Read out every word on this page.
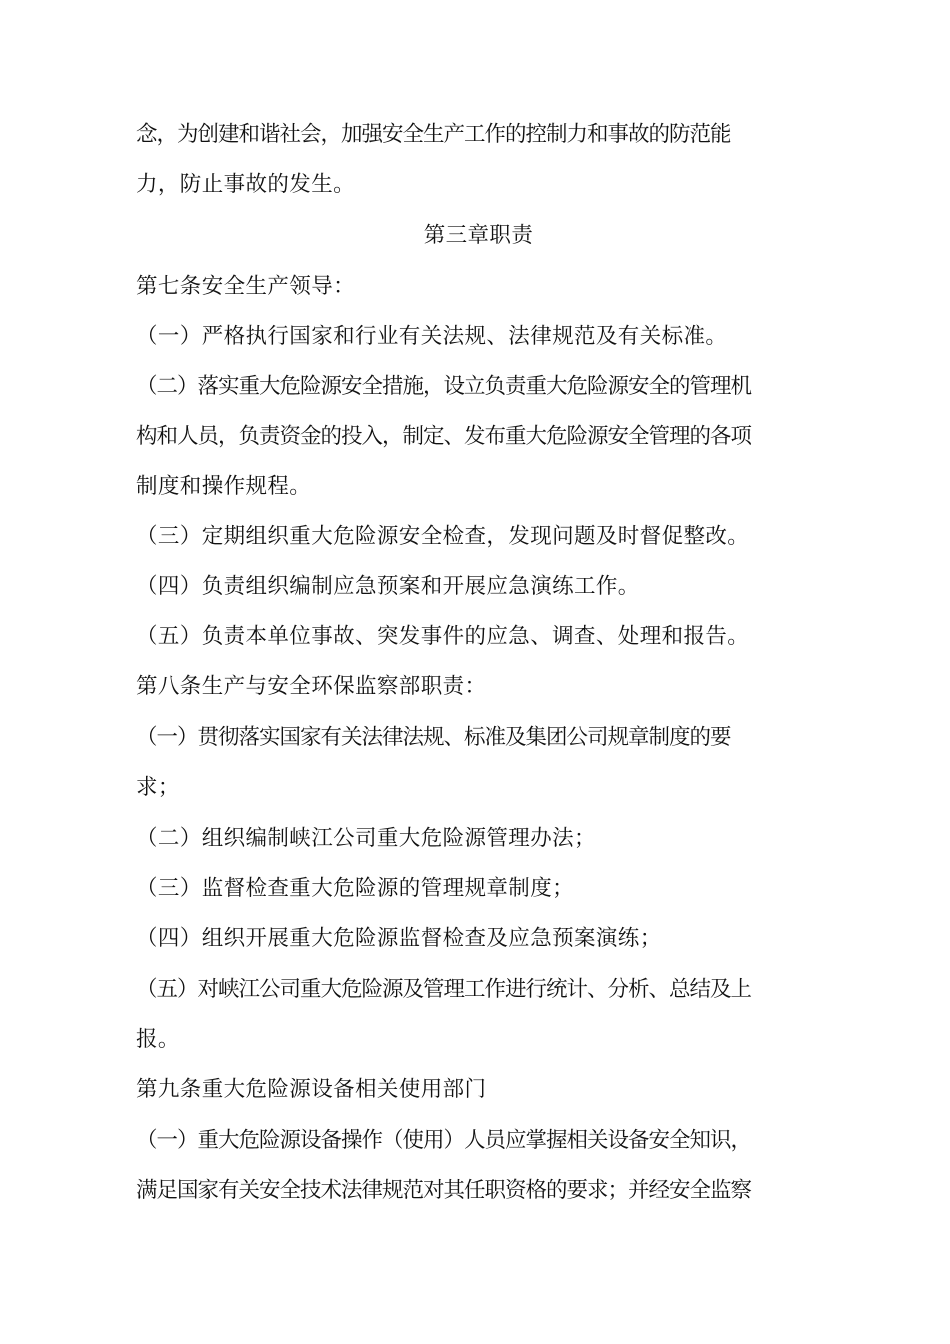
念，为创建和谐社会，加强安全生产工作的控制力和事故的防范能
力，防止事故的发生。
第三章职责
第七条安全生产领导：
（一）严格执行国家和行业有关法规、法律规范及有关标准。
（二）落实重大危险源安全措施，设立负责重大危险源安全的管理机
构和人员，负责资金的投入，制定、发布重大危险源安全管理的各项
制度和操作规程。
（三）定期组织重大危险源安全检查，发现问题及时督促整改。
（四）负责组织编制应急预案和开展应急演练工作。
（五）负责本单位事故、突发事件的应急、调查、处理和报告。
第八条生产与安全环保监察部职责：
（一）贯彻落实国家有关法律法规、标准及集团公司规章制度的要
求；
（二）组织编制峡江公司重大危险源管理办法；
（三）监督检查重大危险源的管理规章制度；
（四）组织开展重大危险源监督检查及应急预案演练；
（五）对峡江公司重大危险源及管理工作进行统计、分析、总结及上
报。
第九条重大危险源设备相关使用部门
（一）重大危险源设备操作（使用）人员应掌握相关设备安全知识，
满足国家有关安全技术法律规范对其任职资格的要求；并经安全监察
